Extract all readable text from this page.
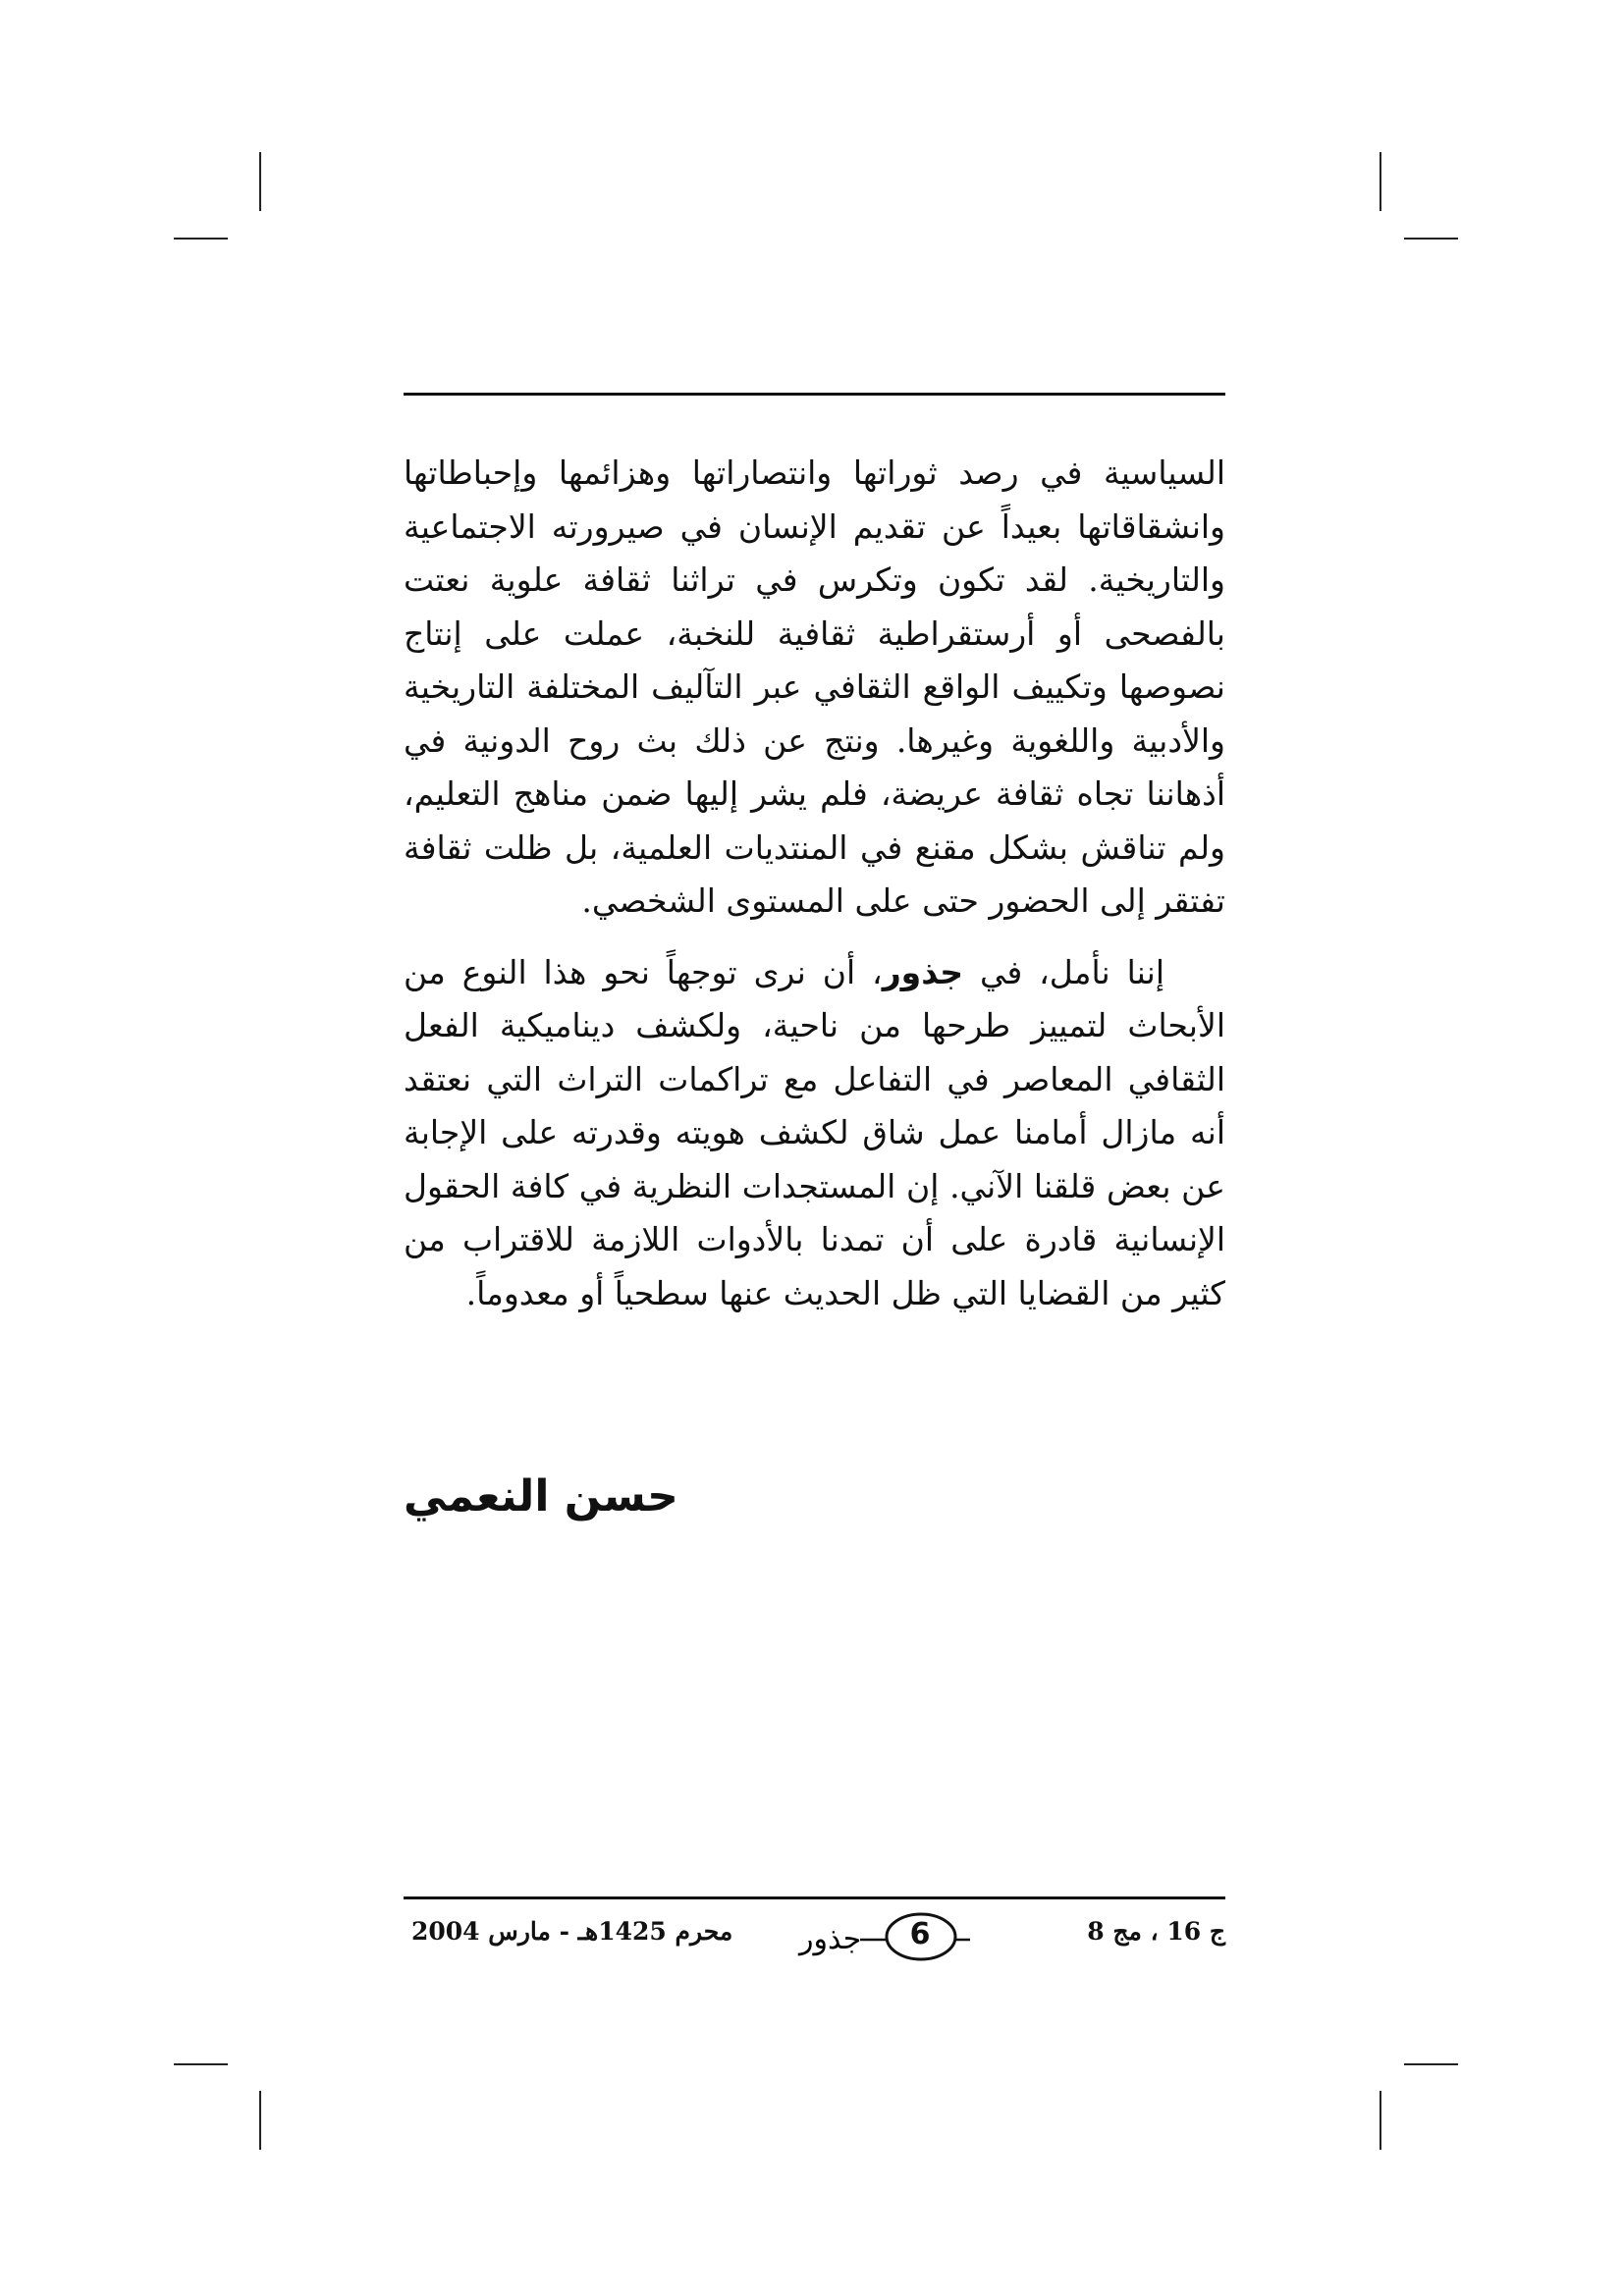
السياسية في رصد ثوراتها وانتصاراتها وهزائمها وإحباطاتها وانشقاقاتها بعيداً عن تقديم الإنسان في صيرورته الاجتماعية والتاريخية. لقد تكون وتكرس في تراثنا ثقافة علوية نعتت بالفصحى أو أرستقراطية ثقافية للنخبة، عملت على إنتاج نصوصها وتكييف الواقع الثقافي عبر التآليف المختلفة التاريخية والأدبية واللغوية وغيرها. ونتج عن ذلك بث روح الدونية في أذهاننا تجاه ثقافة عريضة، فلم يشر إليها ضمن مناهج التعليم، ولم تناقش بشكل مقنع في المنتديات العلمية، بل ظلت ثقافة تفتقر إلى الحضور حتى على المستوى الشخصي.

إننا نأمل، في جذور، أن نرى توجهاً نحو هذا النوع من الأبحاث لتمييز طرحها من ناحية، ولكشف ديناميكية الفعل الثقافي المعاصر في التفاعل مع تراكمات التراث التي نعتقد أنه مازال أمامنا عمل شاق لكشف هويته وقدرته على الإجابة عن بعض قلقنا الآني. إن المستجدات النظرية في كافة الحقول الإنسانية قادرة على أن تمدنا بالأدوات اللازمة للاقتراب من كثير من القضايا التي ظل الحديث عنها سطحياً أو معدوماً.

حسن النعمي
ج 16 ، مج 8
جذور	6
محرم 1425هـ - مارس 2004
